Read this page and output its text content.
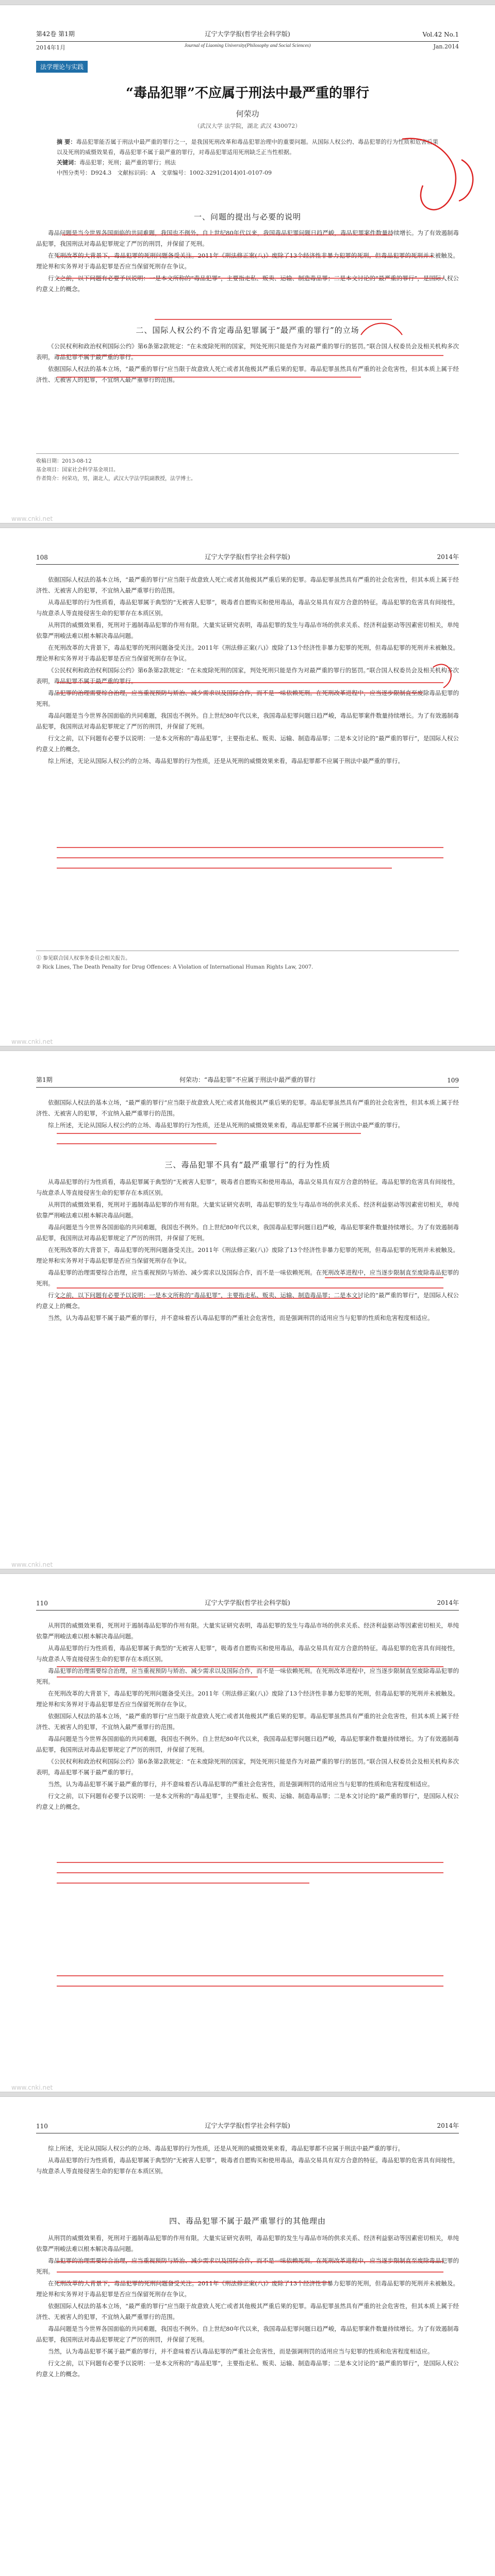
第42卷 第1期	辽宁大学学报(哲学社会科学版)	Vol.42 No.1
2014年1月	Journal of Liaoning University(Philosophy and Social Sciences)	Jan.2014
法学理论与实践
“毒品犯罪”不应属于刑法中最严重的罪行
何荣功
（武汉大学 法学院，湖北 武汉 430072）

摘 要：毒品犯罪能否属于刑法中最严重的罪行之一，是我国死刑改革和毒品犯罪治理中的重要问题。从国际人权公约、毒品犯罪的行为性质和危害后果以及死刑的威慑效果看，毒品犯罪不属于最严重的罪行，对毒品犯罪适用死刑缺乏正当性根据。

关键词：毒品犯罪；死刑；最严重的罪行；刑法

中图分类号：D924.3　文献标识码：A　文章编号：1002-3291(2014)01-0107-09

一、问题的提出与必要的说明

毒品问题是当今世界各国面临的共同难题，我国也不例外。自上世纪80年代以来，我国毒品犯罪问题日趋严峻，毒品犯罪案件数量持续增长。为了有效遏制毒品犯罪，我国刑法对毒品犯罪规定了严厉的刑罚，并保留了死刑。

在死刑改革的大背景下，毒品犯罪的死刑问题备受关注。2011年《刑法修正案(八)》废除了13个经济性非暴力犯罪的死刑，但毒品犯罪的死刑并未被触及。理论界和实务界对于毒品犯罪是否应当保留死刑存在争议。

行文之前，以下问题有必要予以说明：一是本文所称的“毒品犯罪”，主要指走私、贩卖、运输、制造毒品罪；二是本文讨论的“最严重的罪行”，是国际人权公约意义上的概念。

二、国际人权公约不肯定毒品犯罪属于“最严重的罪行”的立场

《公民权利和政治权利国际公约》第6条第2款规定：“在未废除死刑的国家，判处死刑只能是作为对最严重的罪行的惩罚。”联合国人权委员会及相关机构多次表明，毒品犯罪不属于最严重的罪行。

依据国际人权法的基本立场，“最严重的罪行”应当限于故意致人死亡或者其他极其严重后果的犯罪。毒品犯罪虽然具有严重的社会危害性，但其本质上属于经济性、无被害人的犯罪，不宜纳入最严重罪行的范围。

收稿日期：2013-08-12

基金项目：国家社会科学基金项目。

作者简介：何荣功，男，湖北人，武汉大学法学院副教授，法学博士。

www.cnki.net
108	辽宁大学学报(哲学社会科学版)	2014年

依据国际人权法的基本立场，“最严重的罪行”应当限于故意致人死亡或者其他极其严重后果的犯罪。毒品犯罪虽然具有严重的社会危害性，但其本质上属于经济性、无被害人的犯罪，不宜纳入最严重罪行的范围。

从毒品犯罪的行为性质看，毒品犯罪属于典型的“无被害人犯罪”，吸毒者自愿购买和使用毒品，毒品交易具有双方合意的特征。毒品犯罪的危害具有间接性，与故意杀人等直接侵害生命的犯罪存在本质区别。

从刑罚的威慑效果看，死刑对于遏制毒品犯罪的作用有限。大量实证研究表明，毒品犯罪的发生与毒品市场的供求关系、经济利益驱动等因素密切相关，单纯依靠严刑峻法难以根本解决毒品问题。

在死刑改革的大背景下，毒品犯罪的死刑问题备受关注。2011年《刑法修正案(八)》废除了13个经济性非暴力犯罪的死刑，但毒品犯罪的死刑并未被触及。理论界和实务界对于毒品犯罪是否应当保留死刑存在争议。

《公民权利和政治权利国际公约》第6条第2款规定：“在未废除死刑的国家，判处死刑只能是作为对最严重的罪行的惩罚。”联合国人权委员会及相关机构多次表明，毒品犯罪不属于最严重的罪行。

毒品犯罪的治理需要综合治理，应当重视预防与矫治、减少需求以及国际合作，而不是一味依赖死刑。在死刑改革进程中，应当逐步限制直至废除毒品犯罪的死刑。

毒品问题是当今世界各国面临的共同难题，我国也不例外。自上世纪80年代以来，我国毒品犯罪问题日趋严峻，毒品犯罪案件数量持续增长。为了有效遏制毒品犯罪，我国刑法对毒品犯罪规定了严厉的刑罚，并保留了死刑。

行文之前，以下问题有必要予以说明：一是本文所称的“毒品犯罪”，主要指走私、贩卖、运输、制造毒品罪；二是本文讨论的“最严重的罪行”，是国际人权公约意义上的概念。

综上所述，无论从国际人权公约的立场、毒品犯罪的行为性质，还是从死刑的威慑效果来看，毒品犯罪都不应属于刑法中最严重的罪行。

① 参见联合国人权事务委员会相关报告。

② Rick Lines, The Death Penalty for Drug Offences: A Violation of International Human Rights Law, 2007.

www.cnki.net
第1期	何荣功：“毒品犯罪”不应属于刑法中最严重的罪行	109

依据国际人权法的基本立场，“最严重的罪行”应当限于故意致人死亡或者其他极其严重后果的犯罪。毒品犯罪虽然具有严重的社会危害性，但其本质上属于经济性、无被害人的犯罪，不宜纳入最严重罪行的范围。

综上所述，无论从国际人权公约的立场、毒品犯罪的行为性质，还是从死刑的威慑效果来看，毒品犯罪都不应属于刑法中最严重的罪行。

三、毒品犯罪不具有“最严重罪行”的行为性质

从毒品犯罪的行为性质看，毒品犯罪属于典型的“无被害人犯罪”，吸毒者自愿购买和使用毒品，毒品交易具有双方合意的特征。毒品犯罪的危害具有间接性，与故意杀人等直接侵害生命的犯罪存在本质区别。

从刑罚的威慑效果看，死刑对于遏制毒品犯罪的作用有限。大量实证研究表明，毒品犯罪的发生与毒品市场的供求关系、经济利益驱动等因素密切相关，单纯依靠严刑峻法难以根本解决毒品问题。

毒品问题是当今世界各国面临的共同难题，我国也不例外。自上世纪80年代以来，我国毒品犯罪问题日趋严峻，毒品犯罪案件数量持续增长。为了有效遏制毒品犯罪，我国刑法对毒品犯罪规定了严厉的刑罚，并保留了死刑。

在死刑改革的大背景下，毒品犯罪的死刑问题备受关注。2011年《刑法修正案(八)》废除了13个经济性非暴力犯罪的死刑，但毒品犯罪的死刑并未被触及。理论界和实务界对于毒品犯罪是否应当保留死刑存在争议。

毒品犯罪的治理需要综合治理，应当重视预防与矫治、减少需求以及国际合作，而不是一味依赖死刑。在死刑改革进程中，应当逐步限制直至废除毒品犯罪的死刑。

行文之前，以下问题有必要予以说明：一是本文所称的“毒品犯罪”，主要指走私、贩卖、运输、制造毒品罪；二是本文讨论的“最严重的罪行”，是国际人权公约意义上的概念。

当然，认为毒品犯罪不属于最严重的罪行，并不意味着否认毒品犯罪的严重社会危害性，而是强调刑罚的适用应当与犯罪的性质和危害程度相适应。

www.cnki.net
110	辽宁大学学报(哲学社会科学版)	2014年

从刑罚的威慑效果看，死刑对于遏制毒品犯罪的作用有限。大量实证研究表明，毒品犯罪的发生与毒品市场的供求关系、经济利益驱动等因素密切相关，单纯依靠严刑峻法难以根本解决毒品问题。

从毒品犯罪的行为性质看，毒品犯罪属于典型的“无被害人犯罪”，吸毒者自愿购买和使用毒品，毒品交易具有双方合意的特征。毒品犯罪的危害具有间接性，与故意杀人等直接侵害生命的犯罪存在本质区别。

毒品犯罪的治理需要综合治理，应当重视预防与矫治、减少需求以及国际合作，而不是一味依赖死刑。在死刑改革进程中，应当逐步限制直至废除毒品犯罪的死刑。

在死刑改革的大背景下，毒品犯罪的死刑问题备受关注。2011年《刑法修正案(八)》废除了13个经济性非暴力犯罪的死刑，但毒品犯罪的死刑并未被触及。理论界和实务界对于毒品犯罪是否应当保留死刑存在争议。

依据国际人权法的基本立场，“最严重的罪行”应当限于故意致人死亡或者其他极其严重后果的犯罪。毒品犯罪虽然具有严重的社会危害性，但其本质上属于经济性、无被害人的犯罪，不宜纳入最严重罪行的范围。

毒品问题是当今世界各国面临的共同难题，我国也不例外。自上世纪80年代以来，我国毒品犯罪问题日趋严峻，毒品犯罪案件数量持续增长。为了有效遏制毒品犯罪，我国刑法对毒品犯罪规定了严厉的刑罚，并保留了死刑。

《公民权利和政治权利国际公约》第6条第2款规定：“在未废除死刑的国家，判处死刑只能是作为对最严重的罪行的惩罚。”联合国人权委员会及相关机构多次表明，毒品犯罪不属于最严重的罪行。

当然，认为毒品犯罪不属于最严重的罪行，并不意味着否认毒品犯罪的严重社会危害性，而是强调刑罚的适用应当与犯罪的性质和危害程度相适应。

行文之前，以下问题有必要予以说明：一是本文所称的“毒品犯罪”，主要指走私、贩卖、运输、制造毒品罪；二是本文讨论的“最严重的罪行”，是国际人权公约意义上的概念。

www.cnki.net
110	辽宁大学学报(哲学社会科学版)	2014年

综上所述，无论从国际人权公约的立场、毒品犯罪的行为性质，还是从死刑的威慑效果来看，毒品犯罪都不应属于刑法中最严重的罪行。

从毒品犯罪的行为性质看，毒品犯罪属于典型的“无被害人犯罪”，吸毒者自愿购买和使用毒品，毒品交易具有双方合意的特征。毒品犯罪的危害具有间接性，与故意杀人等直接侵害生命的犯罪存在本质区别。

四、毒品犯罪不属于最严重罪行的其他理由

从刑罚的威慑效果看，死刑对于遏制毒品犯罪的作用有限。大量实证研究表明，毒品犯罪的发生与毒品市场的供求关系、经济利益驱动等因素密切相关，单纯依靠严刑峻法难以根本解决毒品问题。

毒品犯罪的治理需要综合治理，应当重视预防与矫治、减少需求以及国际合作，而不是一味依赖死刑。在死刑改革进程中，应当逐步限制直至废除毒品犯罪的死刑。

在死刑改革的大背景下，毒品犯罪的死刑问题备受关注。2011年《刑法修正案(八)》废除了13个经济性非暴力犯罪的死刑，但毒品犯罪的死刑并未被触及。理论界和实务界对于毒品犯罪是否应当保留死刑存在争议。

依据国际人权法的基本立场，“最严重的罪行”应当限于故意致人死亡或者其他极其严重后果的犯罪。毒品犯罪虽然具有严重的社会危害性，但其本质上属于经济性、无被害人的犯罪，不宜纳入最严重罪行的范围。

毒品问题是当今世界各国面临的共同难题，我国也不例外。自上世纪80年代以来，我国毒品犯罪问题日趋严峻，毒品犯罪案件数量持续增长。为了有效遏制毒品犯罪，我国刑法对毒品犯罪规定了严厉的刑罚，并保留了死刑。

当然，认为毒品犯罪不属于最严重的罪行，并不意味着否认毒品犯罪的严重社会危害性，而是强调刑罚的适用应当与犯罪的性质和危害程度相适应。

行文之前，以下问题有必要予以说明：一是本文所称的“毒品犯罪”，主要指走私、贩卖、运输、制造毒品罪；二是本文讨论的“最严重的罪行”，是国际人权公约意义上的概念。
